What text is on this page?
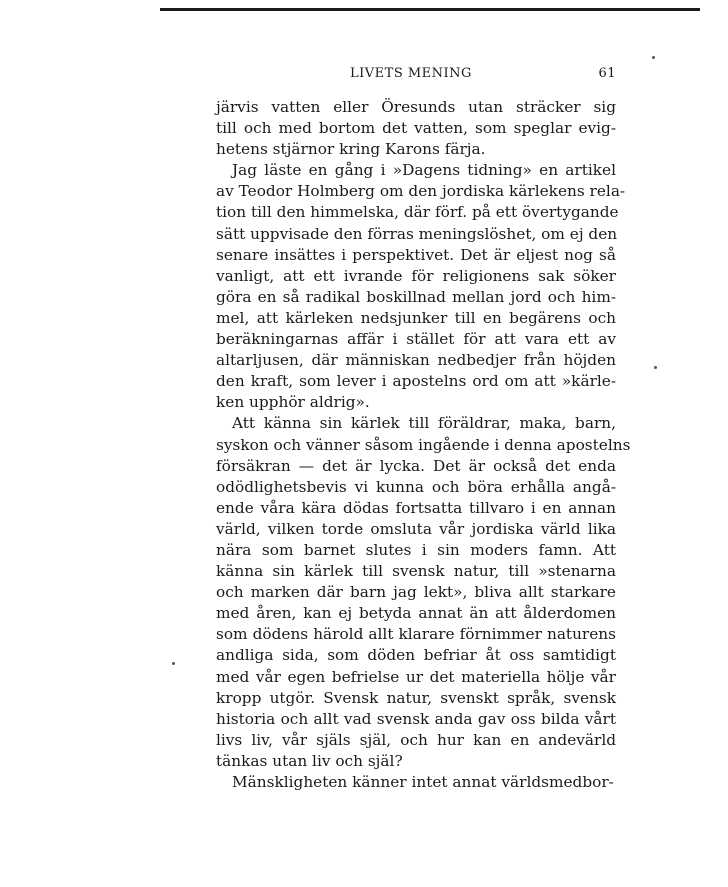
LIVETS MENING	61
järvis vatten eller Öresunds utan sträcker sig
till och med bortom det vatten, som speglar evig-
hetens stjärnor kring Karons färja.
Jag läste en gång i »Dagens tidning» en artikel
av Teodor Holmberg om den jordiska kärlekens rela-
tion till den himmelska, där förf. på ett övertygande
sätt uppvisade den förras meningslöshet, om ej den
senare insättes i perspektivet. Det är eljest nog så
vanligt, att ett ivrande för religionens sak söker
göra en så radikal boskillnad mellan jord och him-
mel, att kärleken nedsjunker till en begärens och
beräkningarnas affär i stället för att vara ett av
altarljusen, där människan nedbedjer från höjden
den kraft, som lever i apostelns ord om att »kärle-
ken upphör aldrig».
Att känna sin kärlek till föräldrar, maka, barn,
syskon och vänner såsom ingående i denna apostelns
försäkran — det är lycka. Det är också det enda
odödlighetsbevis vi kunna och böra erhålla angå-
ende våra kära dödas fortsatta tillvaro i en annan
värld, vilken torde omsluta vår jordiska värld lika
nära som barnet slutes i sin moders famn. Att
känna sin kärlek till svensk natur, till »stenarna
och marken där barn jag lekt», bliva allt starkare
med åren, kan ej betyda annat än att ålderdomen
som dödens härold allt klarare förnimmer naturens
andliga sida, som döden befriar åt oss samtidigt
med vår egen befrielse ur det materiella hölje vår
kropp utgör. Svensk natur, svenskt språk, svensk
historia och allt vad svensk anda gav oss bilda vårt
livs liv, vår själs själ, och hur kan en andevärld
tänkas utan liv och själ?
Mänskligheten känner intet annat världsmedbor-
